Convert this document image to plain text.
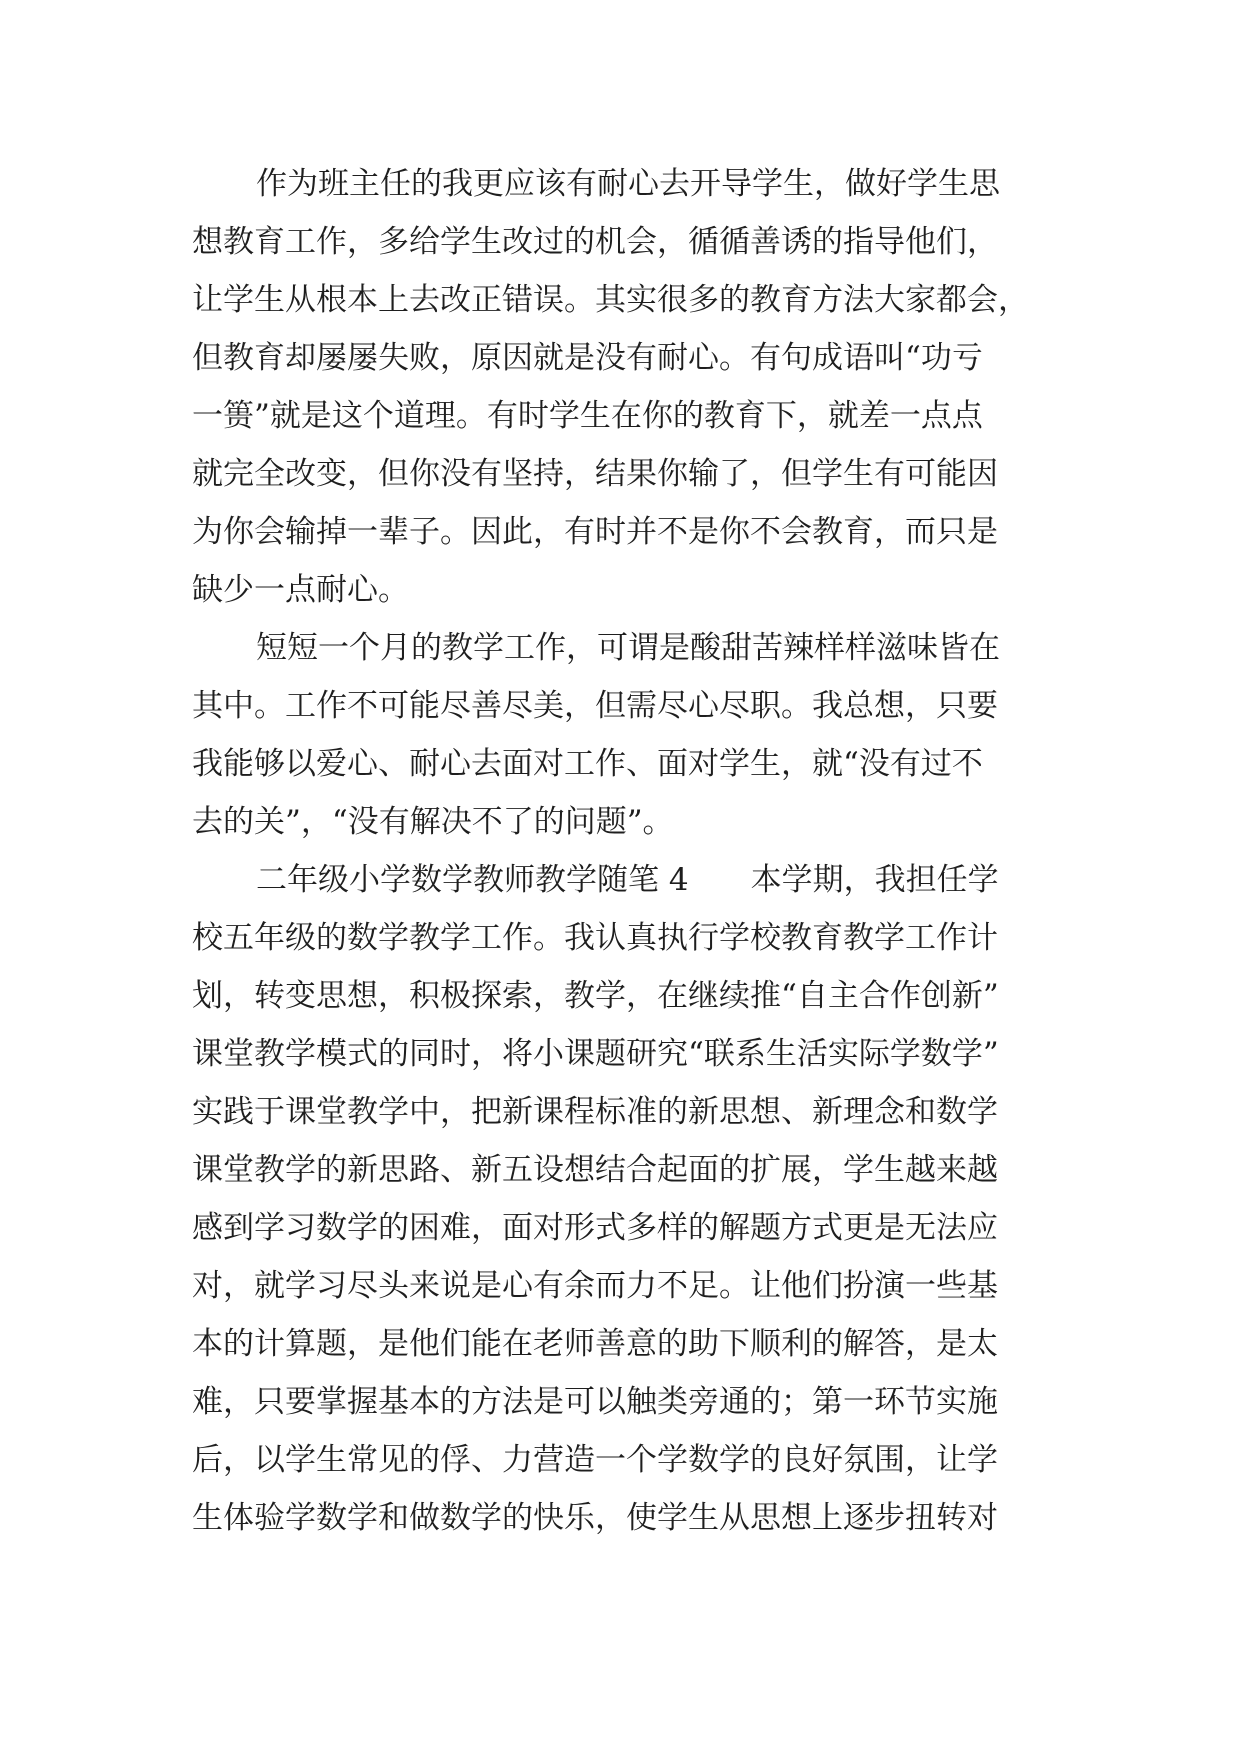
作为班主任的我更应该有耐心去开导学生，做好学生思

想教育工作，多给学生改过的机会，循循善诱的指导他们，

让学生从根本上去改正错误。其实很多的教育方法大家都会，

但教育却屡屡失败，原因就是没有耐心。有句成语叫“功亏

一篑”就是这个道理。有时学生在你的教育下，就差一点点

就完全改变，但你没有坚持，结果你输了，但学生有可能因

为你会输掉一辈子。因此，有时并不是你不会教育，而只是

缺少一点耐心。

短短一个月的教学工作，可谓是酸甜苦辣样样滋味皆在

其中。工作不可能尽善尽美，但需尽心尽职。我总想，只要

我能够以爱心、耐心去面对工作、面对学生，就“没有过不

去的关”，“没有解决不了的问题”。

二年级小学数学教师教学随笔 4　　本学期，我担任学

校五年级的数学教学工作。我认真执行学校教育教学工作计

划，转变思想，积极探索，教学，在继续推“自主合作创新”

课堂教学模式的同时，将小课题研究“联系生活实际学数学”

实践于课堂教学中，把新课程标准的新思想、新理念和数学

课堂教学的新思路、新五设想结合起面的扩展，学生越来越

感到学习数学的困难，面对形式多样的解题方式更是无法应

对，就学习尽头来说是心有余而力不足。让他们扮演一些基

本的计算题，是他们能在老师善意的助下顺利的解答，是太

难，只要掌握基本的方法是可以触类旁通的；第一环节实施

后，以学生常见的俘、力营造一个学数学的良好氛围，让学

生体验学数学和做数学的快乐，使学生从思想上逐步扭转对
